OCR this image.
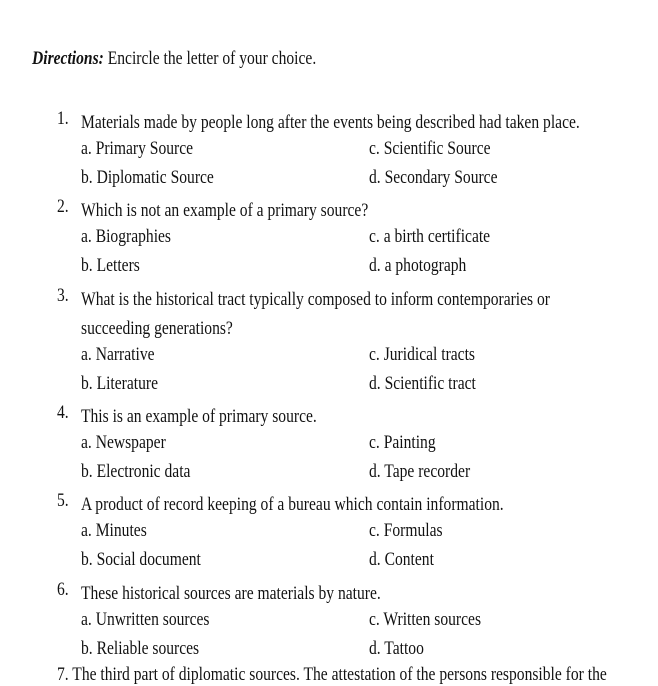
Directions: Encircle the letter of your choice.
1. Materials made by people long after the events being described had taken place.
a. Primary Source
b. Diplomatic Source
c. Scientific Source
d. Secondary Source
2. Which is not an example of a primary source?
a. Biographies
b. Letters
c. a birth certificate
d. a photograph
3. What is the historical tract typically composed to inform contemporaries or succeeding generations?
a. Narrative
b. Literature
c. Juridical tracts
d. Scientific tract
4. This is an example of primary source.
a. Newspaper
b. Electronic data
c. Painting
d. Tape recorder
5. A product of record keeping of a bureau which contain information.
a. Minutes
b. Social document
c. Formulas
d. Content
6. These historical sources are materials by nature.
a. Unwritten sources
b. Reliable sources
c. Written sources
d. Tattoo
7. The third part of diplomatic sources. The attestation of the persons responsible for the
